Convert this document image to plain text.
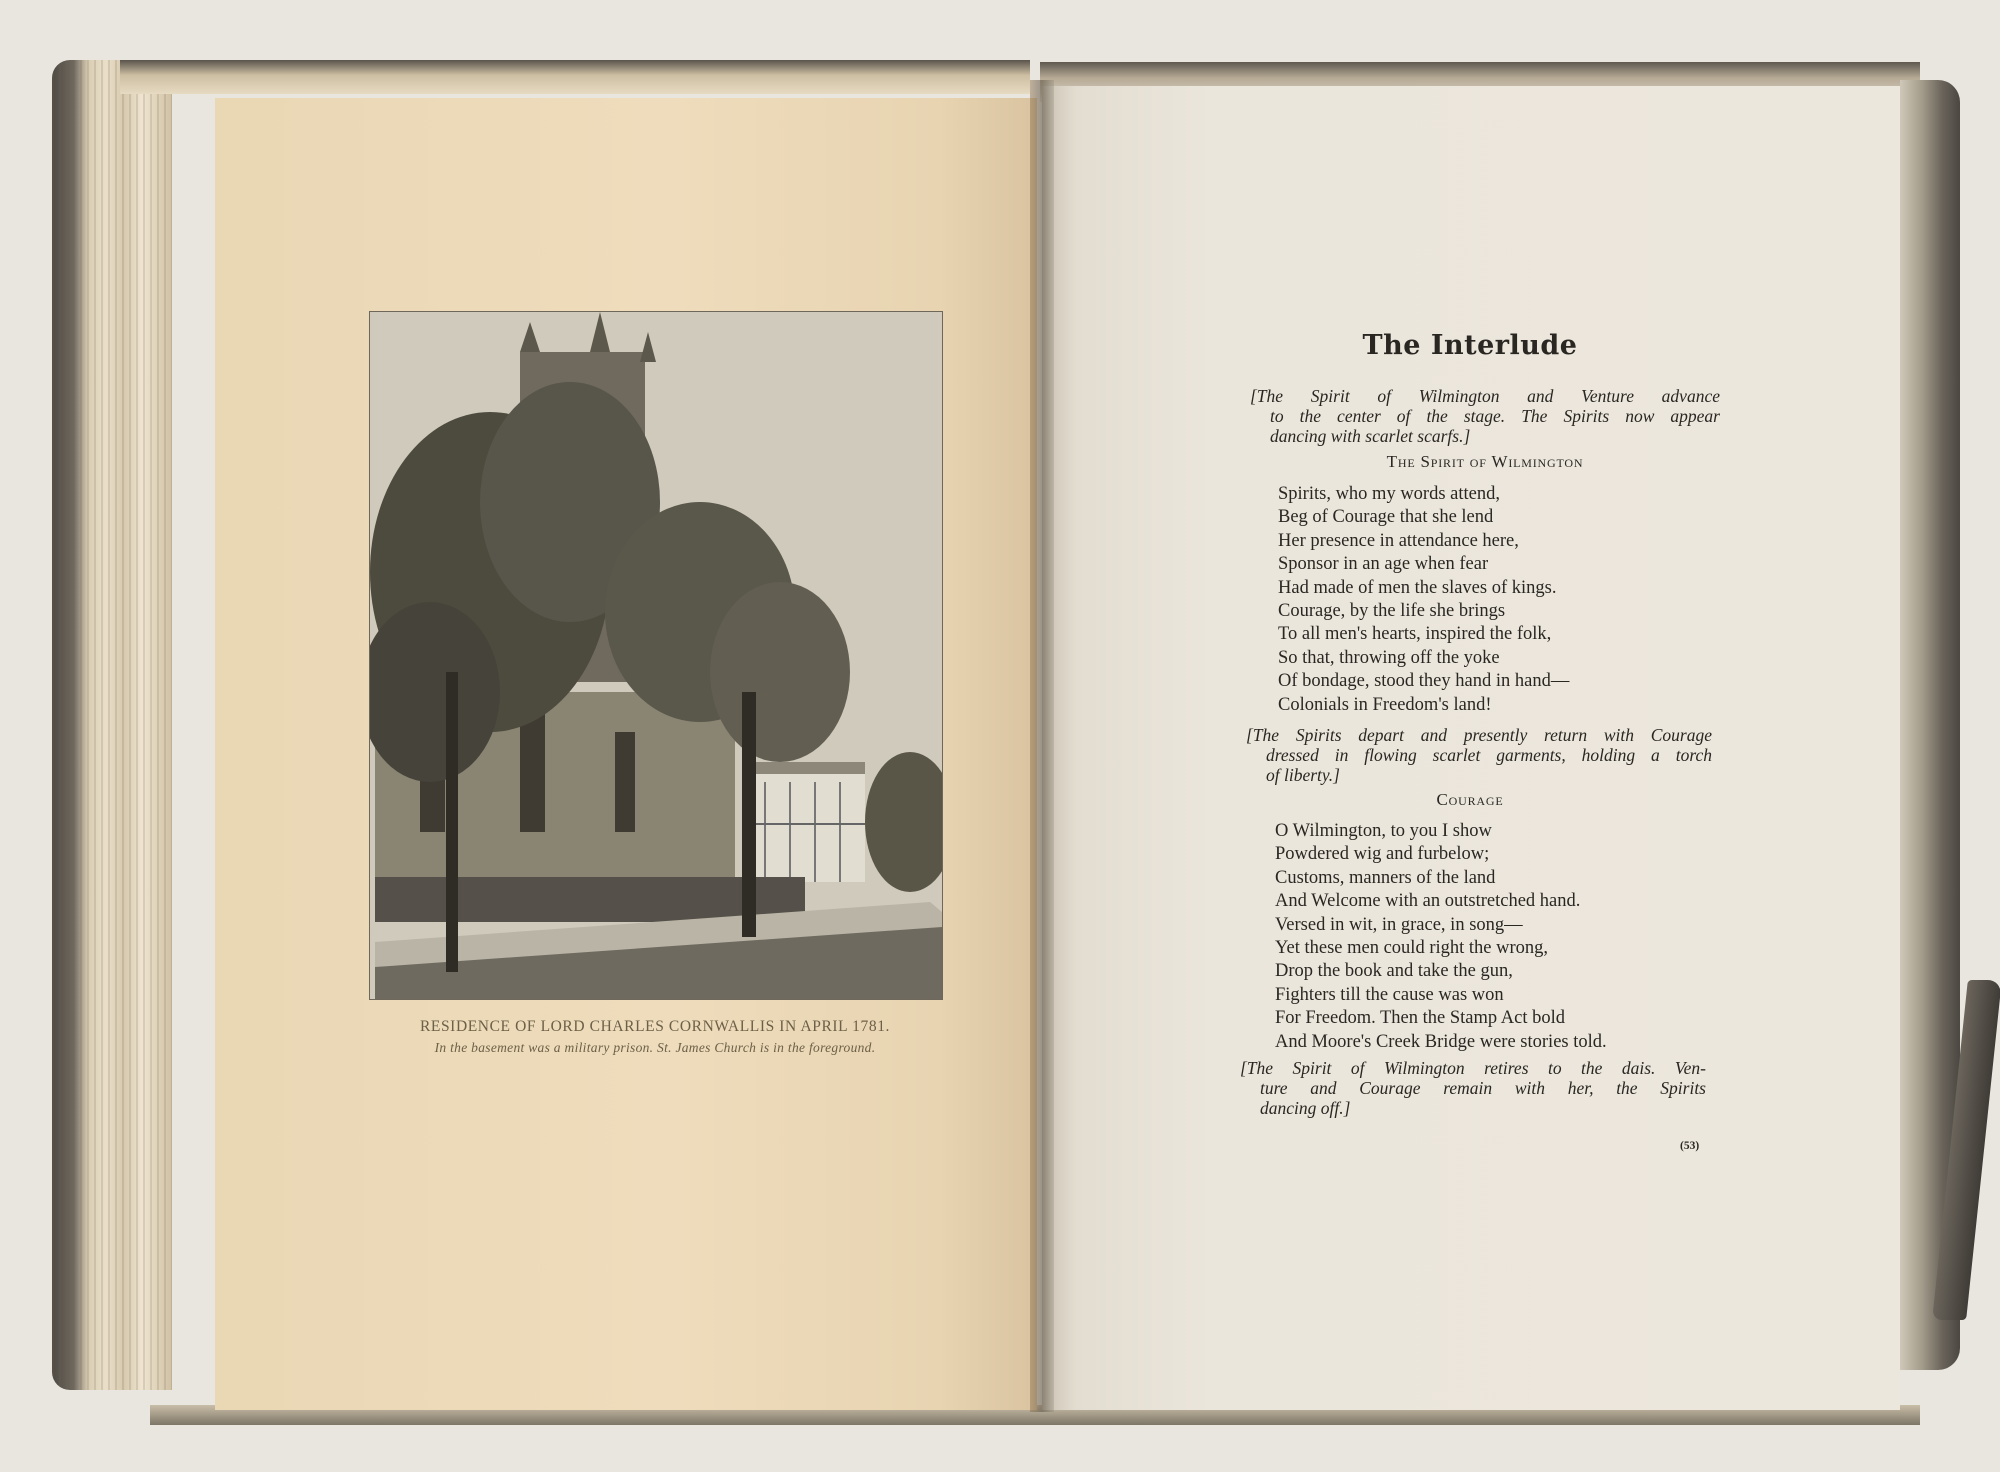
RESIDENCE OF LORD CHARLES CORNWALLIS IN APRIL 1781.
In the basement was a military prison. St. James Church is in the foreground.
The Interlude
[The Spirit of Wilmington and Venture advance
to the center of the stage. The Spirits now appear
dancing with scarlet scarfs.]
The Spirit of Wilmington
Spirits, who my words attend,
Beg of Courage that she lend
Her presence in attendance here,
Sponsor in an age when fear
Had made of men the slaves of kings.
Courage, by the life she brings
To all men's hearts, inspired the folk,
So that, throwing off the yoke
Of bondage, stood they hand in hand—
Colonials in Freedom's land!
[The Spirits depart and presently return with Courage
dressed in flowing scarlet garments, holding a torch
of liberty.]
Courage
O Wilmington, to you I show
Powdered wig and furbelow;
Customs, manners of the land
And Welcome with an outstretched hand.
Versed in wit, in grace, in song—
Yet these men could right the wrong,
Drop the book and take the gun,
Fighters till the cause was won
For Freedom. Then the Stamp Act bold
And Moore's Creek Bridge were stories told.
[The Spirit of Wilmington retires to the dais. Ven-
ture and Courage remain with her, the Spirits
dancing off.]
(53)
